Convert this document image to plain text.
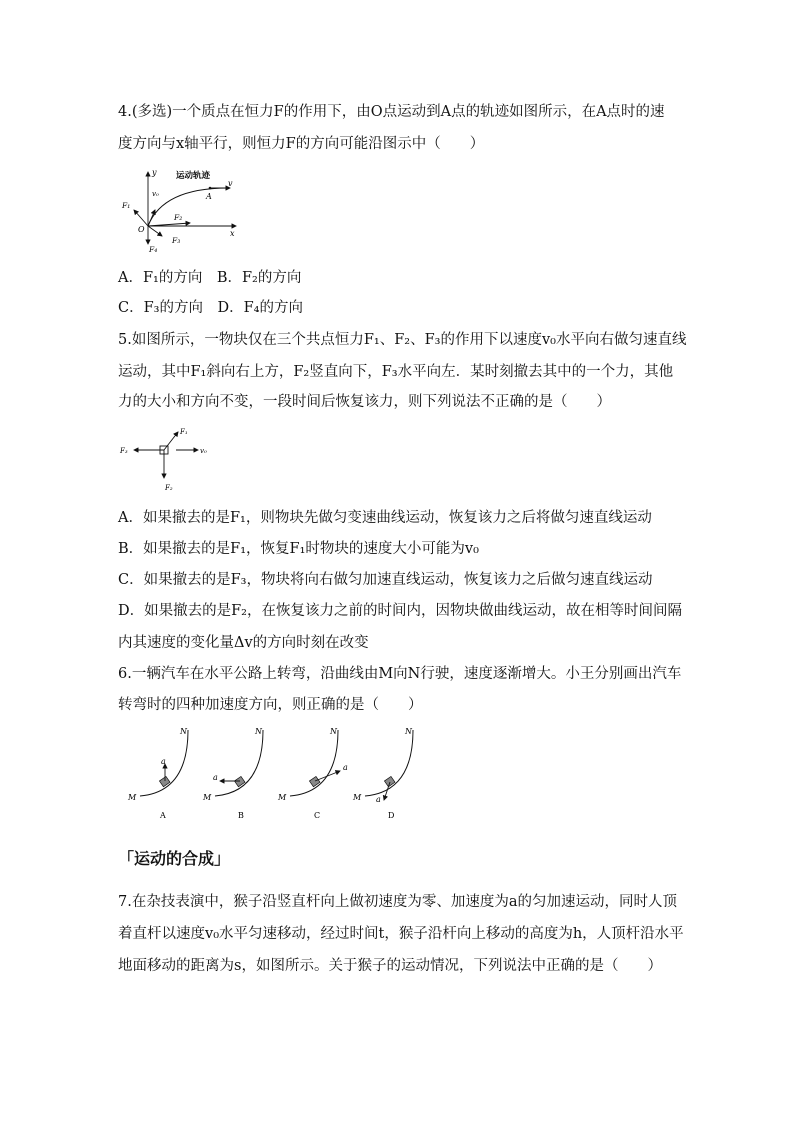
4.(多选)一个质点在恒力F的作用下，由O点运动到A点的轨迹如图所示，在A点时的速
度方向与x轴平行，则恒力F的方向可能沿图示中（　　）
运动轨迹
y
x
O
A
v
v₀
F₁
F₂
F₃
F₄
A．F₁的方向　B．F₂的方向
C．F₃的方向　D．F₄的方向
5.如图所示，一物块仅在三个共点恒力F₁、F₂、F₃的作用下以速度v₀水平向右做匀速直线
运动，其中F₁斜向右上方，F₂竖直向下，F₃水平向左．某时刻撤去其中的一个力，其他
力的大小和方向不变，一段时间后恢复该力，则下列说法不正确的是（　　）
F₁
F₂
F₃	v₀
A．如果撤去的是F₁，则物块先做匀变速曲线运动，恢复该力之后将做匀速直线运动
B．如果撤去的是F₁，恢复F₁时物块的速度大小可能为v₀
C．如果撤去的是F₃，物块将向右做匀加速直线运动，恢复该力之后做匀速直线运动
D．如果撤去的是F₂，在恢复该力之前的时间内，因物块做曲线运动，故在相等时间间隔
内其速度的变化量Δv的方向时刻在改变
6.一辆汽车在水平公路上转弯，沿曲线由M向N行驶，速度逐渐增大。小王分别画出汽车
转弯时的四种加速度方向，则正确的是（　　）
a
M
N
A
a
M
N
B
a
M
N
C
a
M
N
D
「运动的合成」
7.在杂技表演中，猴子沿竖直杆向上做初速度为零、加速度为a的匀加速运动，同时人顶
着直杆以速度v₀水平匀速移动，经过时间t，猴子沿杆向上移动的高度为h，人顶杆沿水平
地面移动的距离为s，如图所示。关于猴子的运动情况，下列说法中正确的是（　　）
